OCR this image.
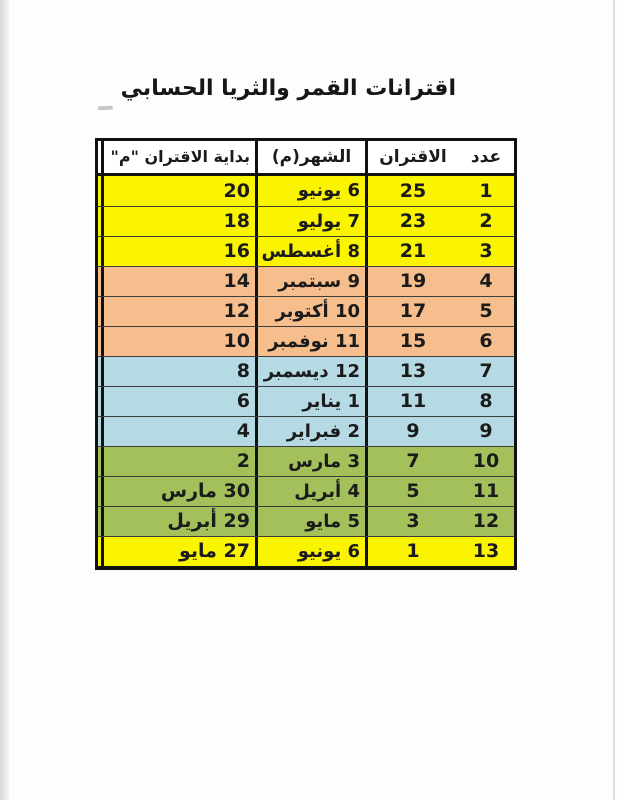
اقترانات القمر والثريا الحسابي
عدد
الاقتران
الشهر(م)
بداية الاقتران "م"
1
25
6 يونيو
20
2
23
7 يوليو
18
3
21
8 أغسطس
16
4
19
9 سبتمبر
14
5
17
10 أكتوبر
12
6
15
11 نوفمبر
10
7
13
12 ديسمبر
8
8
11
1 يناير
6
9
9
2 فبراير
4
10
7
3 مارس
2
11
5
4 أبريل
30 مارس
12
3
5 مايو
29 أبريل
13
1
6 يونيو
27 مايو
